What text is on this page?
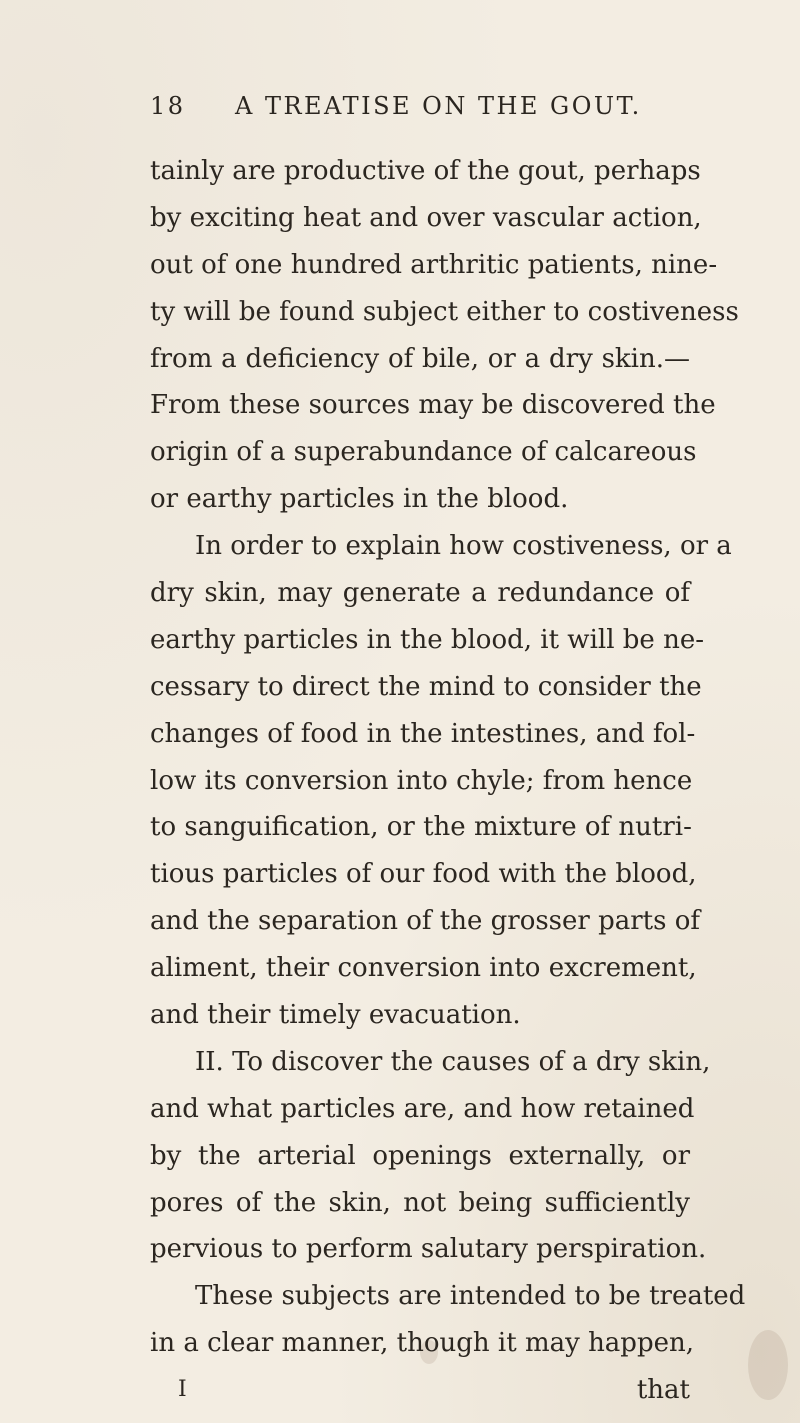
18 A TREATISE ON THE GOUT.
tainly are productive of the gout, perhaps
by exciting heat and over vascular action,
out of one hundred arthritic patients, nine-
ty will be found subject either to costiveness
from a deficiency of bile, or a dry skin.—
From these sources may be discovered the
origin of a superabundance of calcareous
or earthy particles in the blood.
In order to explain how costiveness, or a
dry skin, may generate a redundance of
earthy particles in the blood, it will be ne-
cessary to direct the mind to consider the
changes of food in the intestines, and fol-
low its conversion into chyle; from hence
to sanguification, or the mixture of nutri-
tious particles of our food with the blood,
and the separation of the grosser parts of
aliment, their conversion into excrement,
and their timely evacuation.
II. To discover the causes of a dry skin,
and what particles are, and how retained
by the arterial openings externally, or
pores of the skin, not being sufficiently
pervious to perform salutary perspiration.
These subjects are intended to be treated
in a clear manner, though it may happen,
I	that
